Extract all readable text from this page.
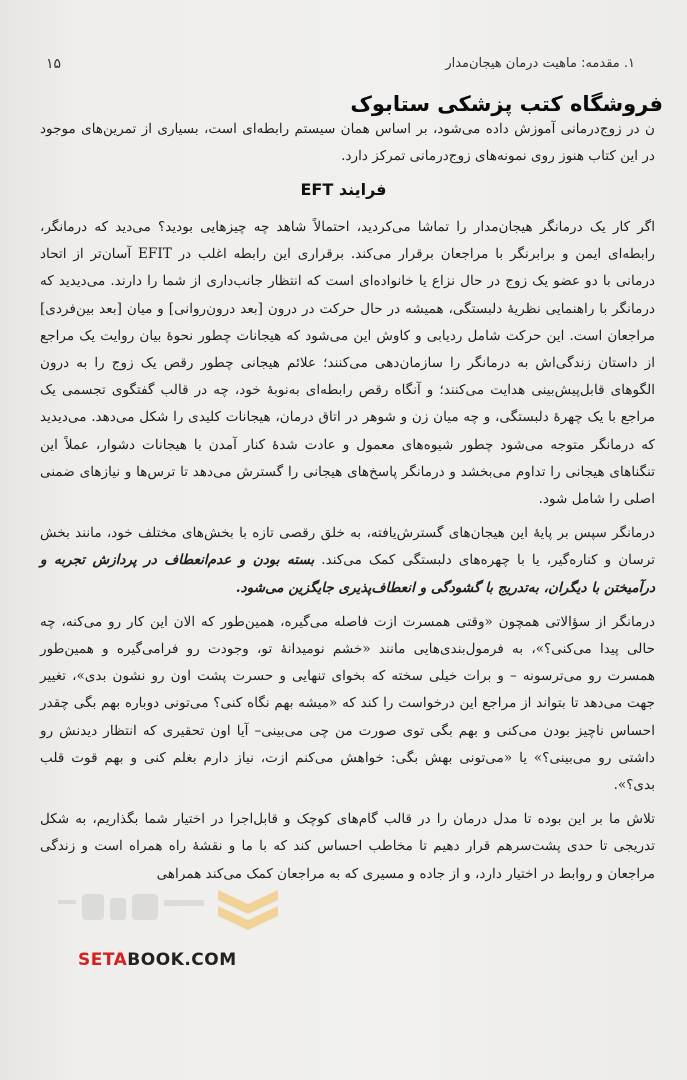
۱۵	۱. مقدمه: ماهیت درمان هیجان‌مدار
فروشگاه کتب پزشکی ستابوک
ن در زوج‌درمانی آموزش داده می‌شود، بر اساس همان سیستم رابطه‌ای است، بسیاری از تمرین‌های موجود در این کتاب هنوز روی نمونه‌های زوج‌درمانی تمرکز دارد.
فرایند EFT

اگر کار یک درمانگر هیجان‌مدار را تماشا می‌کردید، احتمالاً شاهد چه چیزهایی بودید؟ می‌دید که درمانگر، رابطه‌ای ایمن و برابرنگر با مراجعان برقرار می‌کند. برقراری این رابطه اغلب در EFIT آسان‌تر از اتحاد درمانی با دو عضو یک زوج در حال نزاع یا خانواده‌ای است که انتظار جانب‌داری از شما را دارند. می‌دیدید که درمانگر با راهنمایی نظریهٔ دلبستگی، همیشه در حال حرکت در درون [بعد درون‌روانی] و میان [بعد بین‌فردی] مراجعان است. این حرکت شامل ردیابی و کاوش این می‌شود که هیجانات چطور نحوهٔ بیان روایت یک مراجع از داستان زندگی‌اش به درمانگر را سازمان‌دهی می‌کنند؛ علائم هیجانی چطور رقص یک زوج را به درون الگوهای قابل‌پیش‌بینی هدایت می‌کنند؛ و آنگاه رقص رابطه‌ای به‌نوبهٔ خود، چه در قالب گفتگوی تجسمی یک مراجع با یک چهرهٔ دلبستگی، و چه میان زن و شوهر در اتاق درمان، هیجانات کلیدی را شکل می‌دهد. می‌دیدید که درمانگر متوجه می‌شود چطور شیوه‌های معمول و عادت شدهٔ کنار آمدن با هیجانات دشوار، عملاً این تنگناهای هیجانی را تداوم می‌بخشد و درمانگر پاسخ‌های هیجانی را گسترش می‌دهد تا ترس‌ها و نیازهای ضمنی اصلی را شامل شود.

درمانگر سپس بر پایهٔ این هیجان‌های گسترش‌یافته، به خلق رقصی تازه با بخش‌های مختلف خود، مانند بخش ترسان و کناره‌گیر، یا با چهره‌های دلبستگی کمک می‌کند. بسته بودن و عدم‌انعطاف در پردازش تجربه و درآمیختن با دیگران، به‌تدریج با گشودگی و انعطاف‌پذیری جایگزین می‌شود.

درمانگر از سؤالاتی همچون «وقتی همسرت ازت فاصله می‌گیره، همین‌طور که الان این کار رو می‌کنه، چه حالی پیدا می‌کنی؟»، به فرمول‌بندی‌هایی مانند «خشم نومیدانهٔ تو، وجودت رو فرامی‌گیره و همین‌طور همسرت رو می‌ترسونه – و برات خیلی سخته که بخوای تنهایی و حسرت پشت اون رو نشون بدی»، تغییر جهت می‌دهد تا بتواند از مراجع این درخواست را کند که «میشه بهم نگاه کنی؟ می‌تونی دوباره بهم بگی چقدر احساس ناچیز بودن می‌کنی و بهم بگی توی صورت من چی می‌بینی– آیا اون تحقیری که انتظار دیدنش رو داشتی رو می‌بینی؟» یا «می‌تونی بهش بگی: خواهش می‌کنم ازت، نیاز دارم بغلم کنی و بهم قوت قلب بدی؟».

تلاش ما بر این بوده تا مدل درمان را در قالب گام‌های کوچک و قابل‌اجرا در اختیار شما بگذاریم، به شکل تدریجی تا حدی پشت‌سرهم قرار دهیم تا مخاطب احساس کند که با ما و نقشهٔ راه همراه است و زندگی مراجعان و روابط در اختیار دارد، و از جاده و مسیری که به مراجعان کمک می‌کند همراهی

SETABOOK.COM
